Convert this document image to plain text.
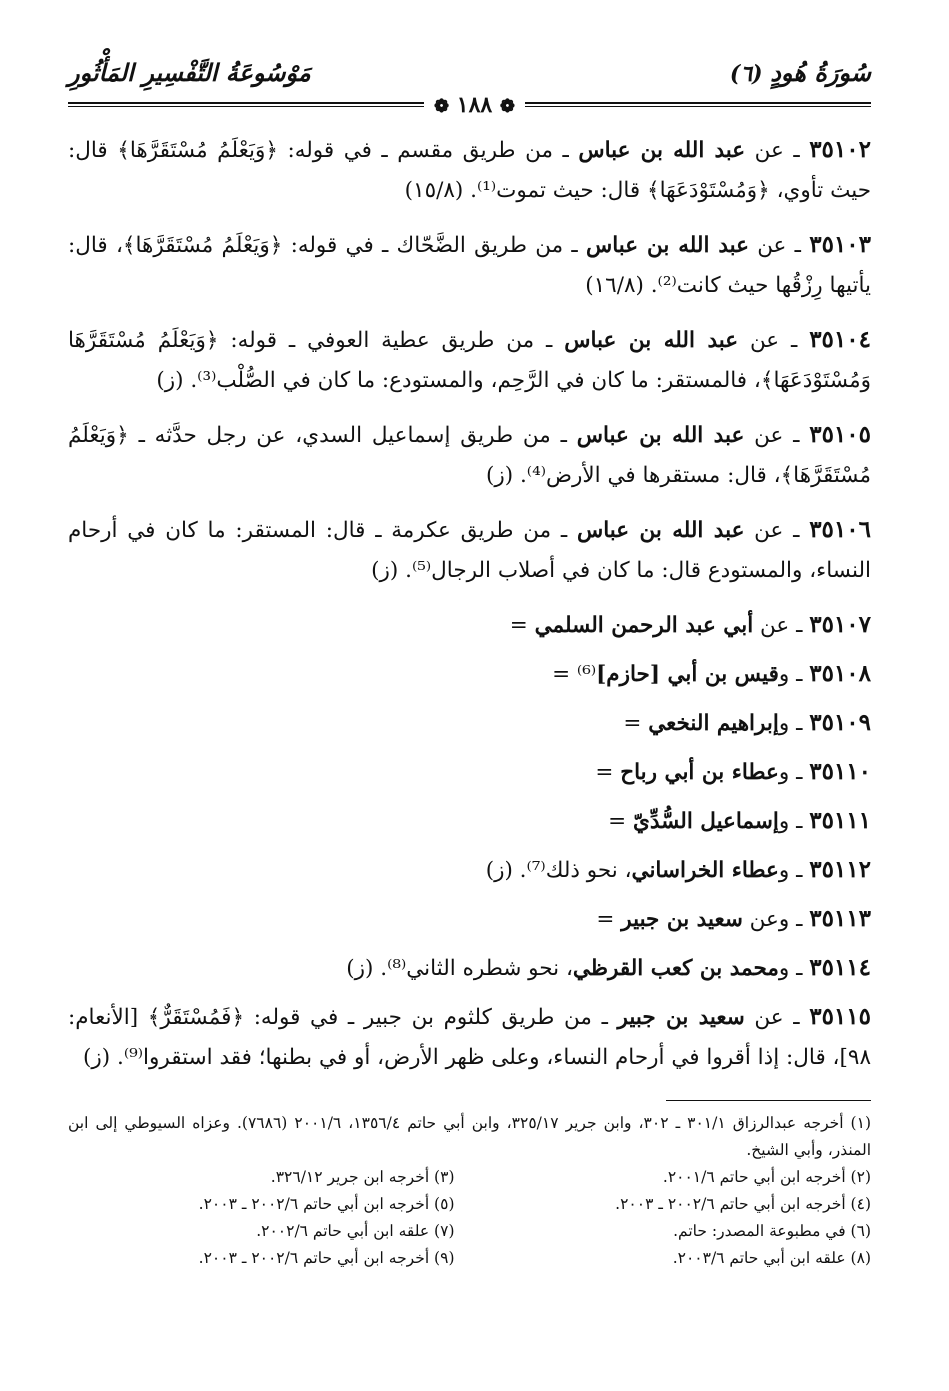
سُورَةُ هُودٍ (٦)
مَوْسُوعَةُ التَّفْسِيرِ المَأْثُورِ
❁ ١٨٨ ❁
٣٥١٠٢ ـ عن عبد الله بن عباس ـ من طريق مقسم ـ في قوله: ﴿وَيَعْلَمُ مُسْتَقَرَّهَا﴾ قال: حيث تأوي، ﴿وَمُسْتَوْدَعَهَا﴾ قال: حيث تموت⁽¹⁾. (١٥/٨)
٣٥١٠٣ ـ عن عبد الله بن عباس ـ من طريق الضَّحّاك ـ في قوله: ﴿وَيَعْلَمُ مُسْتَقَرَّهَا﴾، قال: يأتيها رِزْقُها حيث كانت⁽²⁾. (١٦/٨)
٣٥١٠٤ ـ عن عبد الله بن عباس ـ من طريق عطية العوفي ـ قوله: ﴿وَيَعْلَمُ مُسْتَقَرَّهَا وَمُسْتَوْدَعَهَا﴾، فالمستقر: ما كان في الرَّحِم، والمستودع: ما كان في الصُّلْب⁽³⁾. (ز)
٣٥١٠٥ ـ عن عبد الله بن عباس ـ من طريق إسماعيل السدي، عن رجل حدَّثه ـ ﴿وَيَعْلَمُ مُسْتَقَرَّهَا﴾، قال: مستقرها في الأرض⁽⁴⁾. (ز)
٣٥١٠٦ ـ عن عبد الله بن عباس ـ من طريق عكرمة ـ قال: المستقر: ما كان في أرحام النساء، والمستودع قال: ما كان في أصلاب الرجال⁽⁵⁾. (ز)
٣٥١٠٧ ـ عن أبي عبد الرحمن السلمي =
٣٥١٠٨ ـ وقيس بن أبي [حازم]⁽⁶⁾ =
٣٥١٠٩ ـ وإبراهيم النخعي =
٣٥١١٠ ـ وعطاء بن أبي رباح =
٣٥١١١ ـ وإسماعيل السُّدِّيّ =
٣٥١١٢ ـ وعطاء الخراساني، نحو ذلك⁽⁷⁾. (ز)
٣٥١١٣ ـ وعن سعيد بن جبير =
٣٥١١٤ ـ ومحمد بن كعب القرظي، نحو شطره الثاني⁽⁸⁾. (ز)
٣٥١١٥ ـ عن سعيد بن جبير ـ من طريق كلثوم بن جبير ـ في قوله: ﴿فَمُسْتَقَرٌّ﴾ [الأنعام: ٩٨]، قال: إذا أقروا في أرحام النساء، وعلى ظهر الأرض، أو في بطنها؛ فقد استقروا⁽⁹⁾. (ز)
(١) أخرجه عبدالرزاق ٣٠١/١ ـ ٣٠٢، وابن جرير ٣٢٥/١٧، وابن أبي حاتم ١٣٥٦/٤، ٢٠٠١/٦ (٧٦٨٦). وعزاه السيوطي إلى ابن المنذر، وأبي الشيخ.
(٢) أخرجه ابن أبي حاتم ٢٠٠١/٦.
(٣) أخرجه ابن جرير ٣٢٦/١٢.
(٤) أخرجه ابن أبي حاتم ٢٠٠٢/٦ ـ ٢٠٠٣.
(٥) أخرجه ابن أبي حاتم ٢٠٠٢/٦ ـ ٢٠٠٣.
(٦) في مطبوعة المصدر: حاتم.
(٧) علقه ابن أبي حاتم ٢٠٠٢/٦.
(٨) علقه ابن أبي حاتم ٢٠٠٣/٦.
(٩) أخرجه ابن أبي حاتم ٢٠٠٢/٦ ـ ٢٠٠٣.
